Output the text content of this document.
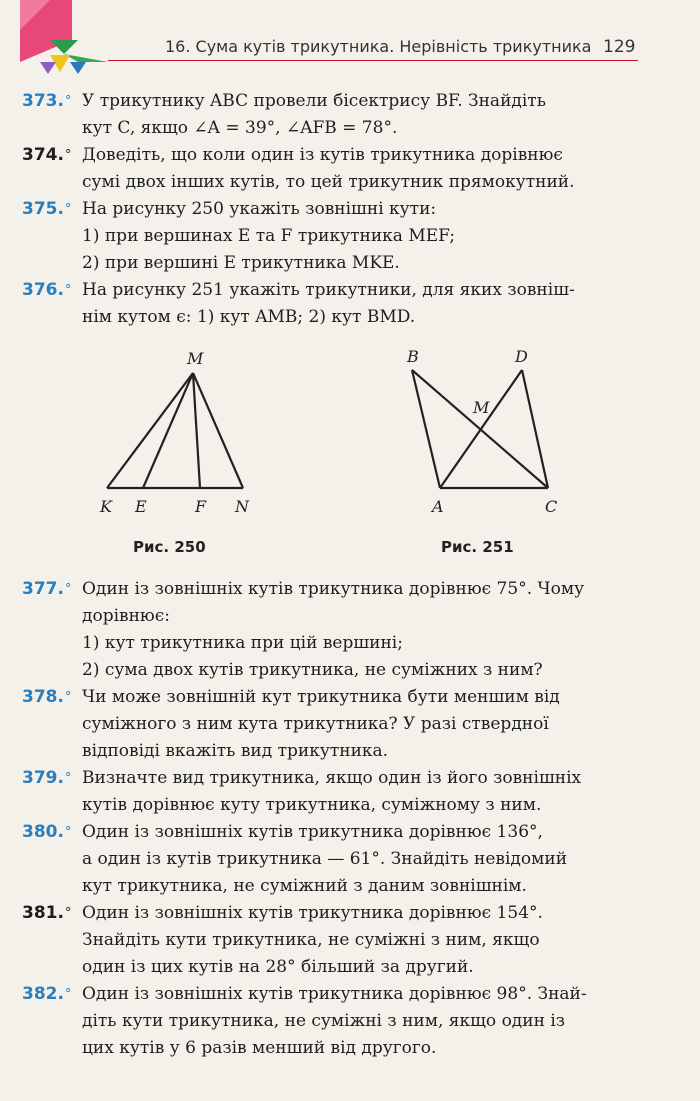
16. Сума кутів трикутника. Нерівність трикутника 129
373.° У трикутнику ABC провели бісектрису BF. Знайдіть
кут C, якщо ∠A = 39°, ∠AFB = 78°.
374.° Доведіть, що коли один із кутів трикутника дорівнює
сумі двох інших кутів, то цей трикутник прямокутний.
375.° На рисунку 250 укажіть зовнішні кути:
1) при вершинах E та F трикутника MEF;
2) при вершині E трикутника MKE.
376.° На рисунку 251 укажіть трикутники, для яких зовніш-
нім кутом є: 1) кут AMB; 2) кут BMD.
M
K E	F N
Рис. 250
B	D
M
A	C
Рис. 251
377.° Один із зовнішніх кутів трикутника дорівнює 75°. Чому
дорівнює:
1) кут трикутника при цій вершині;
2) сума двох кутів трикутника, не суміжних з ним?
378.° Чи може зовнішній кут трикутника бути меншим від
суміжного з ним кута трикутника? У разі ствердної
відповіді вкажіть вид трикутника.
379.° Визначте вид трикутника, якщо один із його зовнішніх
кутів дорівнює куту трикутника, суміжному з ним.
380.° Один із зовнішніх кутів трикутника дорівнює 136°,
а один із кутів трикутника — 61°. Знайдіть невідомий
кут трикутника, не суміжний з даним зовнішнім.
381.° Один із зовнішніх кутів трикутника дорівнює 154°.
Знайдіть кути трикутника, не суміжні з ним, якщо
один із цих кутів на 28° більший за другий.
382.° Один із зовнішніх кутів трикутника дорівнює 98°. Знай-
діть кути трикутника, не суміжні з ним, якщо один із
цих кутів у 6 разів менший від другого.
